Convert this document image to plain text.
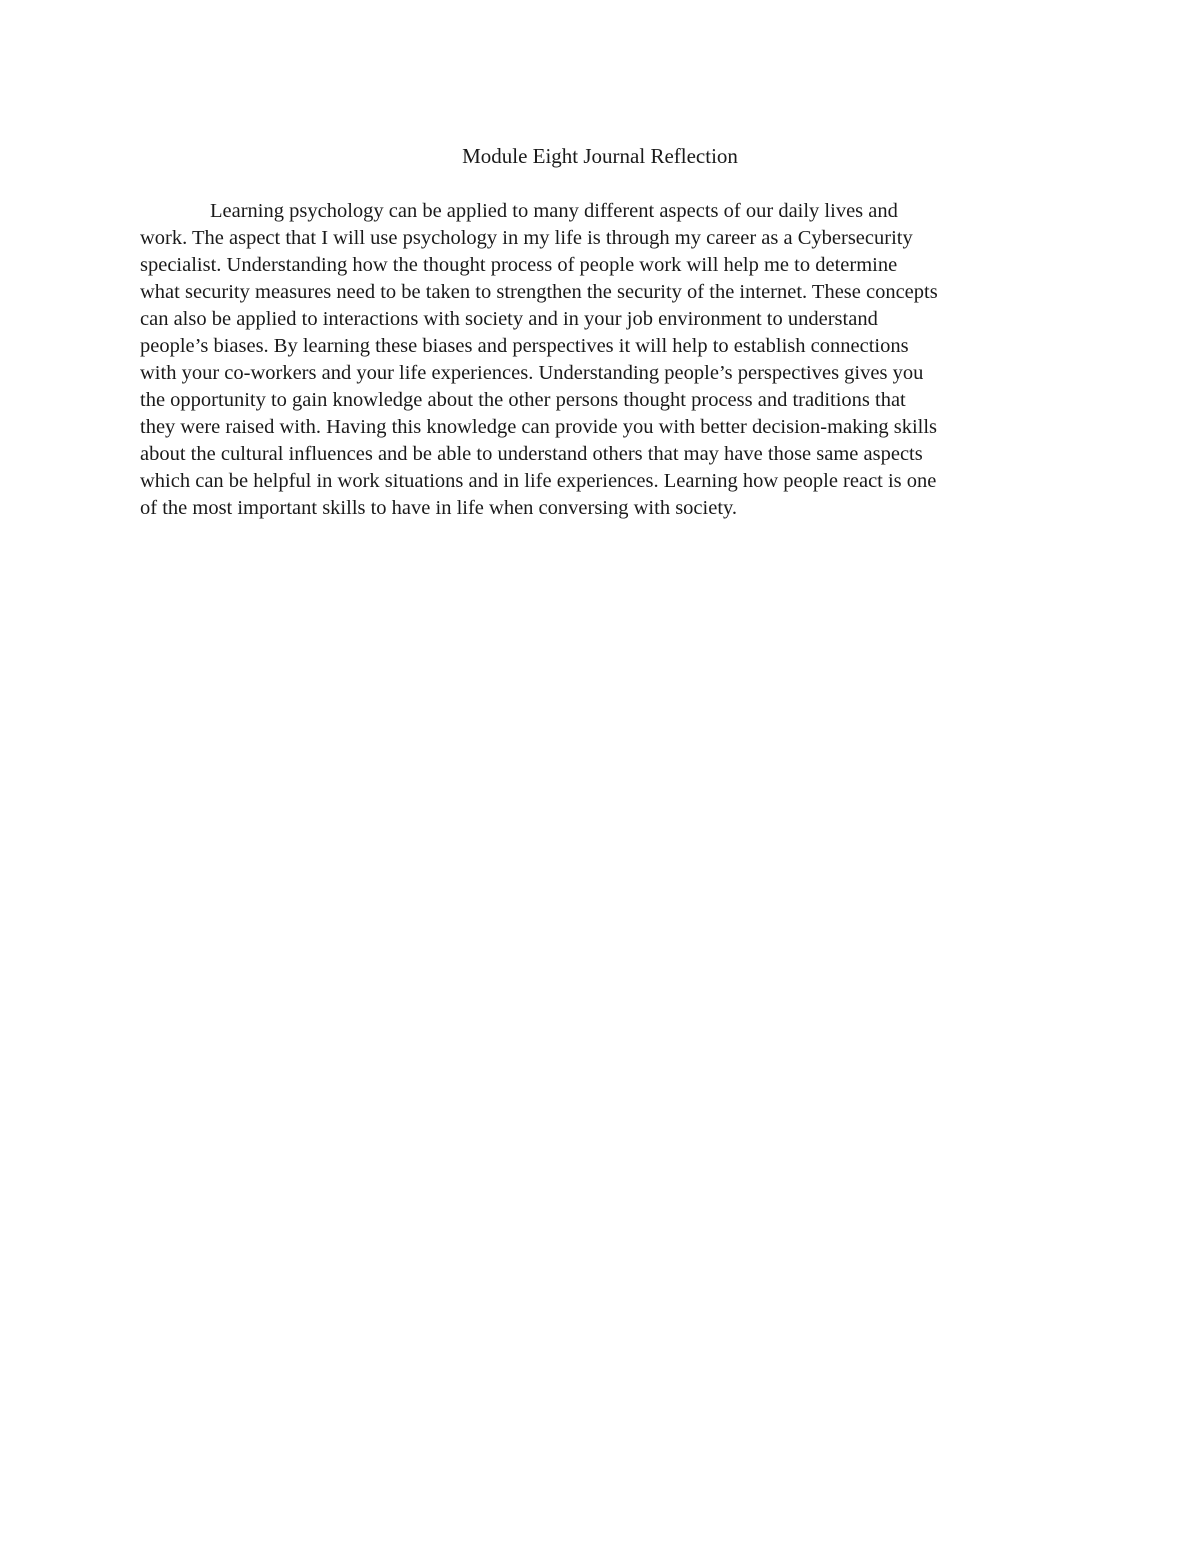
Module Eight Journal Reflection
Learning psychology can be applied to many different aspects of our daily lives and
work. The aspect that I will use psychology in my life is through my career as a Cybersecurity
specialist. Understanding how the thought process of people work will help me to determine
what security measures need to be taken to strengthen the security of the internet. These concepts
can also be applied to interactions with society and in your job environment to understand
people’s biases. By learning these biases and perspectives it will help to establish connections
with your co-workers and your life experiences. Understanding people’s perspectives gives you
the opportunity to gain knowledge about the other persons thought process and traditions that
they were raised with. Having this knowledge can provide you with better decision-making skills
about the cultural influences and be able to understand others that may have those same aspects
which can be helpful in work situations and in life experiences. Learning how people react is one
of the most important skills to have in life when conversing with society.
